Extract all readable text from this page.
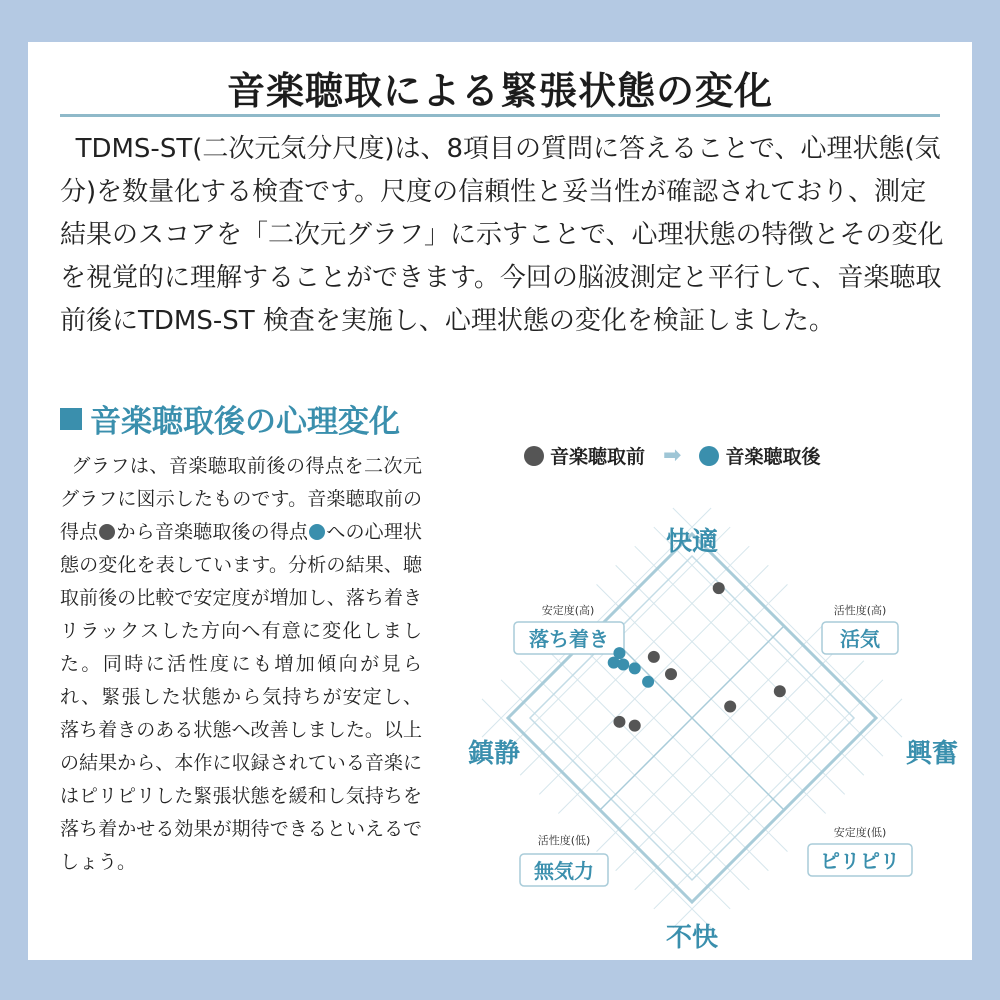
音楽聴取による緊張状態の変化

TDMS-ST(二次元気分尺度)は、8項目の質問に答えることで、心理状態(気分)を数量化する検査です。尺度の信頼性と妥当性が確認されており、測定結果のスコアを「二次元グラフ」に示すことで、心理状態の特徴とその変化を視覚的に理解することができます。今回の脳波測定と平行して、音楽聴取前後にTDMS-ST 検査を実施し、心理状態の変化を検証しました。

音楽聴取後の心理変化

グラフは、音楽聴取前後の得点を二次元グラフに図示したものです。音楽聴取前の得点 から音楽聴取後の得点 への心理状態の変化を表しています。分析の結果、聴取前後の比較で安定度が増加し、落ち着きリラックスした方向へ有意に変化しました。同時に活性度にも増加傾向が見られ、緊張した状態から気持ちが安定し、落ち着きのある状態へ改善しました。以上の結果から、本作に収録されている音楽にはピリピリした緊張状態を緩和し気持ちを落ち着かせる効果が期待できるといえるでしょう。

音楽聴取前 ➡ 音楽聴取後
快適
不快
鎮静	興奮
安定度(高)
落ち着き
活性度(高)
活気
活性度(低)
無気力
安定度(低)
ピリピリ
